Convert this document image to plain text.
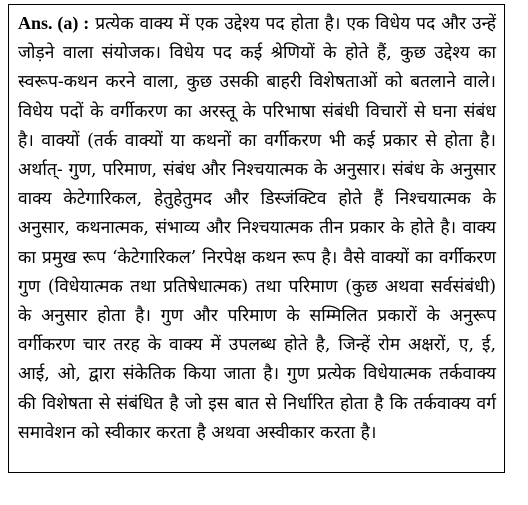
Ans. (a) : प्रत्येक वाक्य में एक उद्देश्य पद होता है। एक विधेय पद और उन्हें जोड़ने वाला संयोजक। विधेय पद कई श्रेणियों के होते हैं, कुछ उद्देश्य का स्वरूप-कथन करने वाला, कुछ उसकी बाहरी विशेषताओं को बतलाने वाले। विधेय पदों के वर्गीकरण का अरस्तू के परिभाषा संबंधी विचारों से घना संबंध है। वाक्यों (तर्क वाक्यों या कथनों का वर्गीकरण भी कई प्रकार से होता है। अर्थात्- गुण, परिमाण, संबंध और निश्चयात्मक के अनुसार। संबंध के अनुसार वाक्य केटेगारिकल, हेतुहेतुमद और डिस्जंक्टिव होते हैं निश्चयात्मक के अनुसार, कथनात्मक, संभाव्य और निश्चयात्मक तीन प्रकार के होते है। वाक्य का प्रमुख रूप ‘केटेगारिकल’ निरपेक्ष कथन रूप है। वैसे वाक्यों का वर्गीकरण गुण (विधेयात्मक तथा प्रतिषेधात्मक) तथा परिमाण (कुछ अथवा सर्वसंबंधी) के अनुसार होता है। गुण और परिमाण के सम्मिलित प्रकारों के अनुरूप वर्गीकरण चार तरह के वाक्य में उपलब्ध होते है, जिन्हें रोम अक्षरों, ए, ई, आई, ओ, द्वारा संकेतिक किया जाता है। गुण प्रत्येक विधेयात्मक तर्कवाक्य की विशेषता से संबंधित है जो इस बात से निर्धारित होता है कि तर्कवाक्य वर्ग समावेशन को स्वीकार करता है अथवा अस्वीकार करता है।
